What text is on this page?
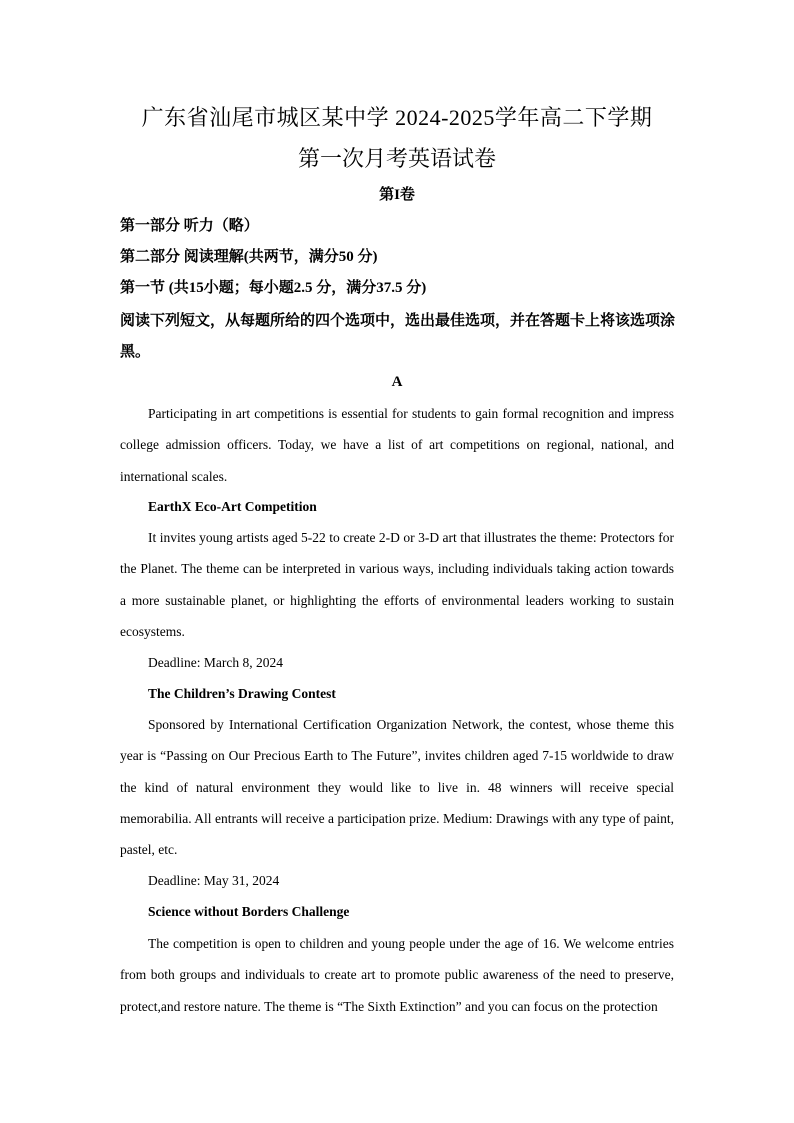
广东省汕尾市城区某中学 2024-2025学年高二下学期
第一次月考英语试卷
第I卷
第一部分 听力（略）
第二部分 阅读理解(共两节，满分50 分)
第一节 (共15小题；每小题2.5 分，满分37.5 分)
阅读下列短文，从每题所给的四个选项中，选出最佳选项，并在答题卡上将该选项涂黑。
A
Participating in art competitions is essential for students to gain formal recognition and impress college admission officers. Today, we have a list of art competitions on regional, national, and international scales.
EarthX Eco-Art Competition
It invites young artists aged 5-22 to create 2-D or 3-D art that illustrates the theme: Protectors for the Planet. The theme can be interpreted in various ways, including individuals taking action towards a more sustainable planet, or highlighting the efforts of environmental leaders working to sustain ecosystems.
Deadline: March 8, 2024
The Children’s Drawing Contest
Sponsored by International Certification Organization Network, the contest, whose theme this year is “Passing on Our Precious Earth to The Future”, invites children aged 7-15 worldwide to draw the kind of natural environment they would like to live in. 48 winners will receive special memorabilia. All entrants will receive a participation prize. Medium: Drawings with any type of paint, pastel, etc.
Deadline: May 31, 2024
Science without Borders Challenge
The competition is open to children and young people under the age of 16. We welcome entries from both groups and individuals to create art to promote public awareness of the need to preserve, protect,and restore nature. The theme is “The Sixth Extinction” and you can focus on the protection
